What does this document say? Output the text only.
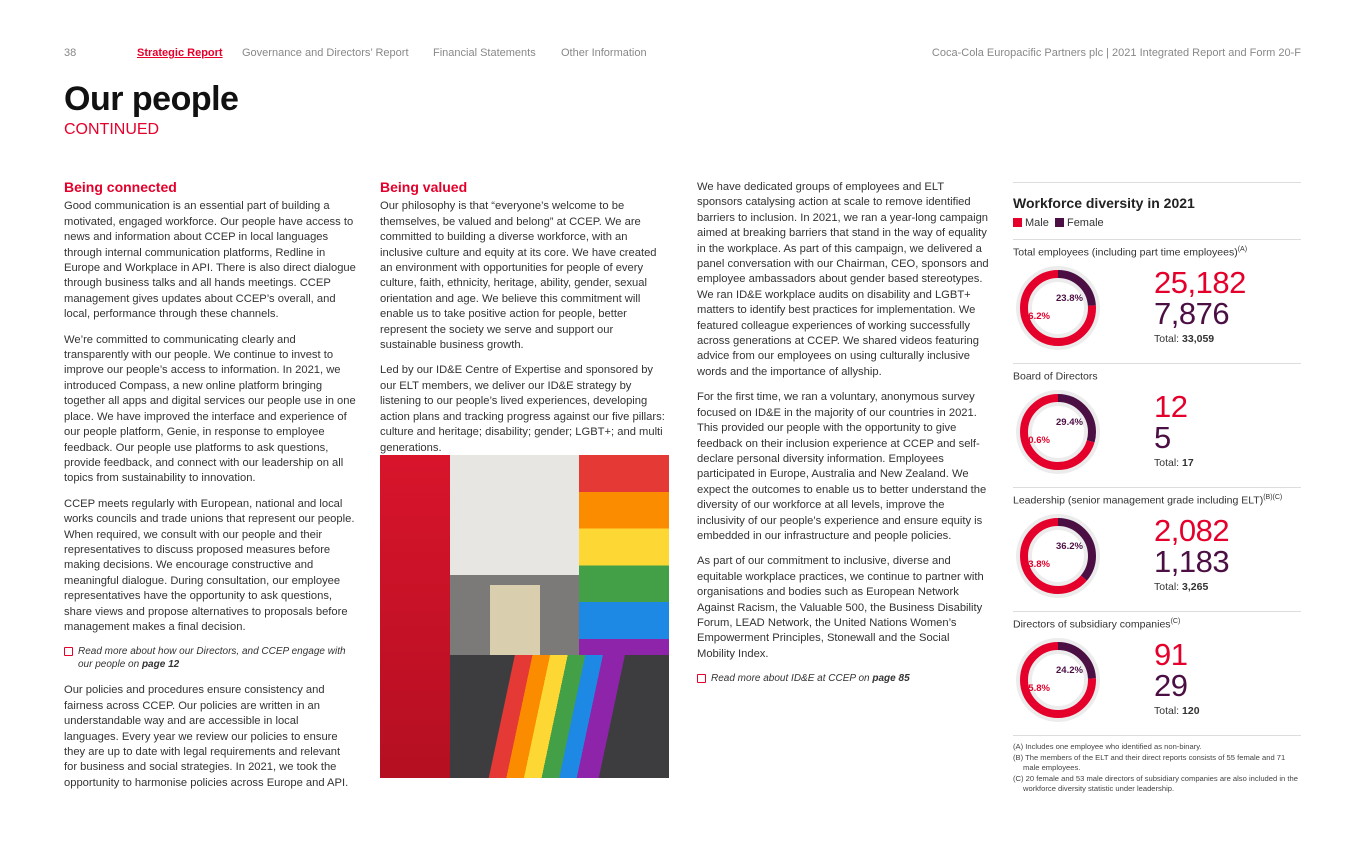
38	Strategic Report Governance and Directors’ Report Financial Statements Other Information	Coca-Cola Europacific Partners plc | 2021 Integrated Report and Form 20-F
Our people
CONTINUED
Being connected

Good communication is an essential part of building a motivated, engaged workforce. Our people have access to news and information about CCEP in local languages through internal communication platforms, Redline in Europe and Workplace in API. There is also direct dialogue through business talks and all hands meetings. CCEP management gives updates about CCEP’s overall, and local, performance through these channels.

We’re committed to communicating clearly and transparently with our people. We continue to invest to improve our people’s access to information. In 2021, we introduced Compass, a new online platform bringing together all apps and digital services our people use in one place. We have improved the interface and experience of our people platform, Genie, in response to employee feedback. Our people use platforms to ask questions, provide feedback, and connect with our leadership on all topics from sustainability to innovation.

CCEP meets regularly with European, national and local works councils and trade unions that represent our people. When required, we consult with our people and their representatives to discuss proposed measures before making decisions. We encourage constructive and meaningful dialogue. During consultation, our employee representatives have the opportunity to ask questions, share views and propose alternatives to proposals before management makes a final decision.

Read more about how our Directors, and CCEP engage with our people on page 12

Our policies and procedures ensure consistency and fairness across CCEP. Our policies are written in an understandable way and are accessible in local languages. Every year we review our policies to ensure they are up to date with legal requirements and relevant for business and social strategies. In 2021, we took the opportunity to harmonise policies across Europe and API.

Being valued

Our philosophy is that “everyone’s welcome to be themselves, be valued and belong” at CCEP. We are committed to building a diverse workforce, with an inclusive culture and equity at its core. We have created an environment with opportunities for people of every culture, faith, ethnicity, heritage, ability, gender, sexual orientation and age. We believe this commitment will enable us to take positive action for people, better represent the society we serve and support our sustainable business growth.

Led by our ID&E Centre of Expertise and sponsored by our ELT members, we deliver our ID&E strategy by listening to our people’s lived experiences, developing action plans and tracking progress against our five pillars: culture and heritage; disability; gender; LGBT+; and multi generations.

We have dedicated groups of employees and ELT sponsors catalysing action at scale to remove identified barriers to inclusion. In 2021, we ran a year-long campaign aimed at breaking barriers that stand in the way of equality in the workplace. As part of this campaign, we delivered a panel conversation with our Chairman, CEO, sponsors and employee ambassadors about gender based stereotypes. We ran ID&E workplace audits on disability and LGBT+ matters to identify best practices for implementation. We featured colleague experiences of working successfully across generations at CCEP. We shared videos featuring advice from our employees on using culturally inclusive words and the importance of allyship.

For the first time, we ran a voluntary, anonymous survey focused on ID&E in the majority of our countries in 2021. This provided our people with the opportunity to give feedback on their inclusion experience at CCEP and self-declare personal diversity information. Employees participated in Europe, Australia and New Zealand. We expect the outcomes to enable us to better understand the diversity of our workforce at all levels, improve the inclusivity of our people’s experience and ensure equity is embedded in our infrastructure and people policies.

As part of our commitment to inclusive, diverse and equitable workplace practices, we continue to partner with organisations and bodies such as European Network Against Racism, the Valuable 500, the Business Disability Forum, LEAD Network, the United Nations Women’s Empowerment Principles, Stonewall and the Social Mobility Index.

Read more about ID&E at CCEP on page 85
Workforce diversity in 2021
Male Female
Total employees (including part time employees)$^{(A)}$
25,182
7,876
Total: 33,059
23.8%
76.2%
Board of Directors
12
5
Total: 17
29.4%
70.6%
Leadership (senior management grade including ELT)$^{(B)(C)}$
2,082
1,183
Total: 3,265
36.2%
63.8%
Directors of subsidiary companies$^{(C)}$
91
29
Total: 120
24.2%
75.8%
(A) Includes one employee who identified as non-binary.
(B) The members of the ELT and their direct reports consists of 55 female and 71 male employees.
(C) 20 female and 53 male directors of subsidiary companies are also included in the workforce diversity statistic under leadership.
